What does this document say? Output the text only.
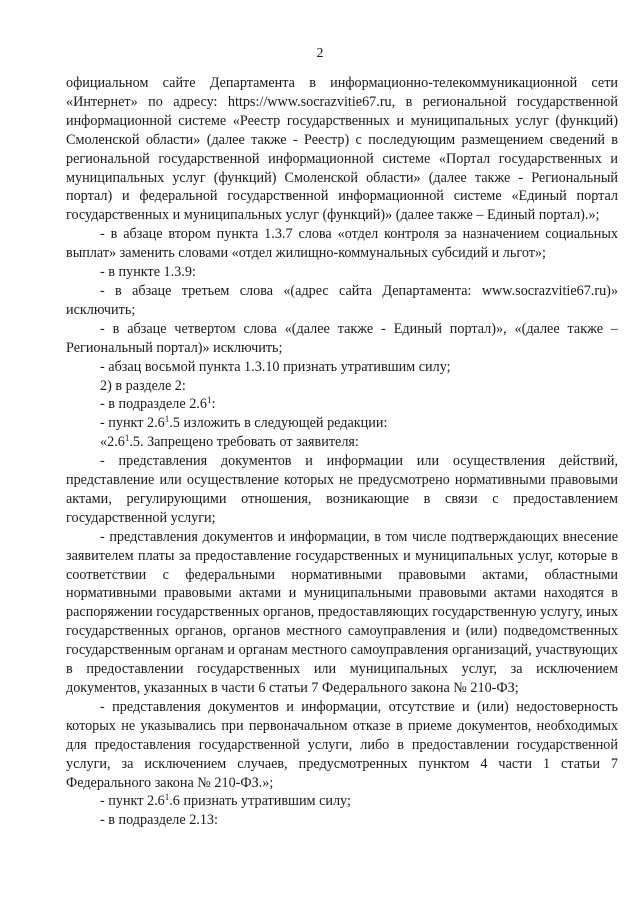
2

официальном сайте Департамента в информационно-телекоммуникационной сети «Интернет» по адресу: https://www.socrazvitie67.ru, в региональной государственной информационной системе «Реестр государственных и муниципальных услуг (функций) Смоленской области» (далее также - Реестр) с последующим размещением сведений в региональной государственной информационной системе «Портал государственных и муниципальных услуг (функций) Смоленской области» (далее также - Региональный портал) и федеральной государственной информационной системе «Единый портал государственных и муниципальных услуг (функций)» (далее также – Единый портал).»;

- в абзаце втором пункта 1.3.7 слова «отдел контроля за назначением социальных выплат» заменить словами «отдел жилищно-коммунальных субсидий и льгот»;

- в пункте 1.3.9:

- в абзаце третьем слова «(адрес сайта Департамента: www.socrazvitie67.ru)» исключить;

- в абзаце четвертом слова «(далее также - Единый портал)», «(далее также – Региональный портал)» исключить;

- абзац восьмой пункта 1.3.10 признать утратившим силу;

2) в разделе 2:

- в подразделе $2.6^1$:

- пункт $2.6^1.5$ изложить в следующей редакции:

«$2.6^1.5$. Запрещено требовать от заявителя:

- представления документов и информации или осуществления действий, представление или осуществление которых не предусмотрено нормативными правовыми актами, регулирующими отношения, возникающие в связи с предоставлением государственной услуги;

- представления документов и информации, в том числе подтверждающих внесение заявителем платы за предоставление государственных и муниципальных услуг, которые в соответствии с федеральными нормативными правовыми актами, областными нормативными правовыми актами и муниципальными правовыми актами находятся в распоряжении государственных органов, предоставляющих государственную услугу, иных государственных органов, органов местного самоуправления и (или) подведомственных государственным органам и органам местного самоуправления организаций, участвующих в предоставлении государственных или муниципальных услуг, за исключением документов, указанных в части 6 статьи 7 Федерального закона № 210-ФЗ;

- представления документов и информации, отсутствие и (или) недостоверность которых не указывались при первоначальном отказе в приеме документов, необходимых для предоставления государственной услуги, либо в предоставлении государственной услуги, за исключением случаев, предусмотренных пунктом 4 части 1 статьи 7 Федерального закона № 210-ФЗ.»;

- пункт $2.6^1.6$ признать утратившим силу;

- в подразделе 2.13:
